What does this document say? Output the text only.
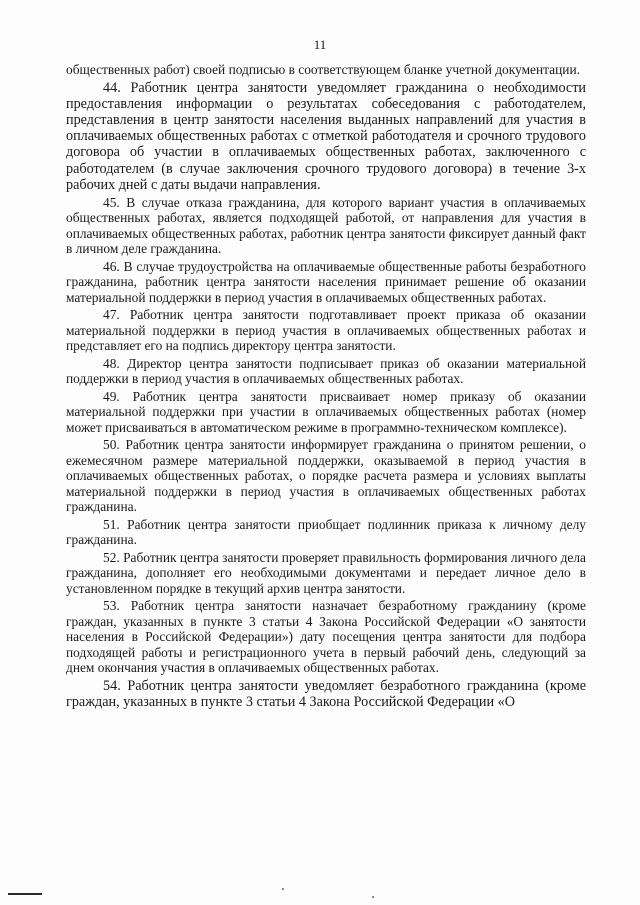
11

общественных работ) своей подписью в соответствующем бланке учетной документации.

44. Работник центра занятости уведомляет гражданина о необходимости предоставления информации о результатах собеседования с работодателем, представления в центр занятости населения выданных направлений для участия в оплачиваемых общественных работах с отметкой работодателя и срочного трудового договора об участии в оплачиваемых общественных работах, заключенного с работодателем (в случае заключения срочного трудового договора) в течение 3-х рабочих дней с даты выдачи направления.

45. В случае отказа гражданина, для которого вариант участия в оплачиваемых общественных работах, является подходящей работой, от направления для участия в оплачиваемых общественных работах, работник центра занятости фиксирует данный факт в личном деле гражданина.

46. В случае трудоустройства на оплачиваемые общественные работы безработного гражданина, работник центра занятости населения принимает решение об оказании материальной поддержки в период участия в оплачиваемых общественных работах.

47. Работник центра занятости подготавливает проект приказа об оказании материальной поддержки в период участия в оплачиваемых общественных работах и представляет его на подпись директору центра занятости.

48. Директор центра занятости подписывает приказ об оказании материальной поддержки в период участия в оплачиваемых общественных работах.

49. Работник центра занятости присваивает номер приказу об оказании материальной поддержки при участии в оплачиваемых общественных работах (номер может присваиваться в автоматическом режиме в программно-техническом комплексе).

50. Работник центра занятости информирует гражданина о принятом решении, о ежемесячном размере материальной поддержки, оказываемой в период участия в оплачиваемых общественных работах, о порядке расчета размера и условиях выплаты материальной поддержки в период участия в оплачиваемых общественных работах гражданина.

51. Работник центра занятости приобщает подлинник приказа к личному делу гражданина.

52. Работник центра занятости проверяет правильность формирования личного дела гражданина, дополняет его необходимыми документами и передает личное дело в установленном порядке в текущий архив центра занятости.

53. Работник центра занятости назначает безработному гражданину (кроме граждан, указанных в пункте 3 статьи 4 Закона Российской Федерации «О занятости населения в Российской Федерации») дату посещения центра занятости для подбора подходящей работы и регистрационного учета в первый рабочий день, следующий за днем окончания участия в оплачиваемых общественных работах.

54. Работник центра занятости уведомляет безработного гражданина (кроме граждан, указанных в пункте 3 статьи 4 Закона Российской Федерации «О
